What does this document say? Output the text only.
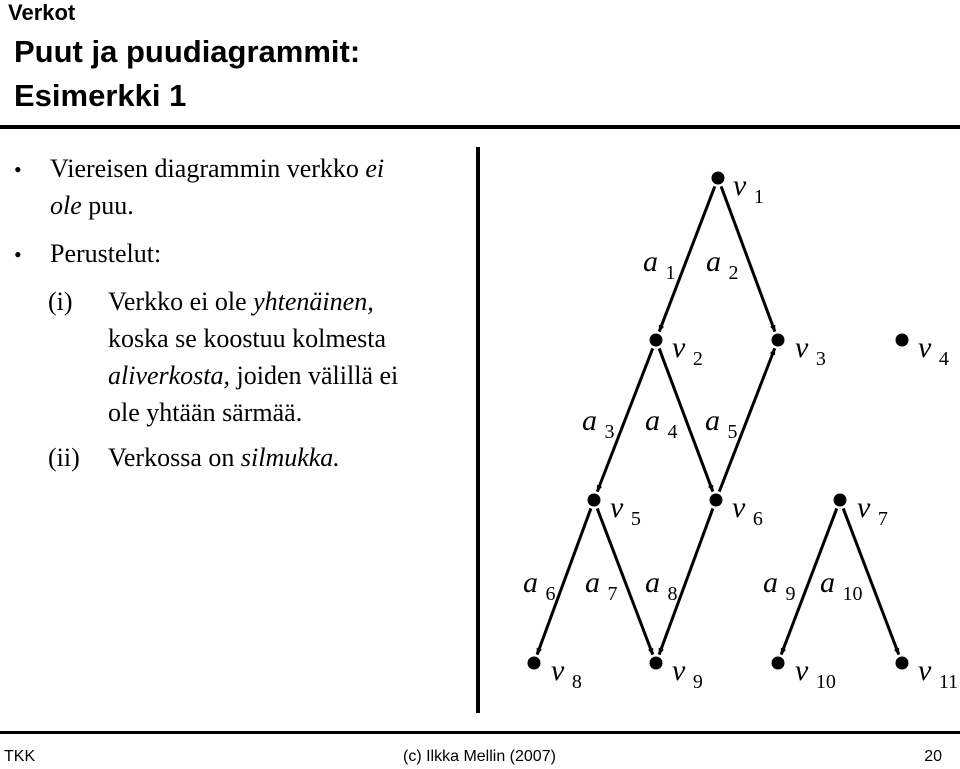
Verkot
Puut ja puudiagrammit:
Esimerkki 1
• Viereisen diagrammin verkko ei
ole puu.
• Perustelut:
(i) Verkko ei ole yhtenäinen,
koska se koostuu kolmesta
aliverkosta, joiden välillä ei
ole yhtään särmää.
(ii) Verkossa on silmukka.
a $_1$ a $_2$
a $_3$ a $_4$ a $_5$
a $_6$ a $_7$ a $_8$	a $_9$ a $_{10}$
v $_1$
v $_2$	v $_3$	v $_4$
v $_5$	v $_6$	v $_7$
v $_8$	v $_9$	v $_{10}$	v $_{11}$
TKK	(c) Ilkka Mellin (2007)	20
